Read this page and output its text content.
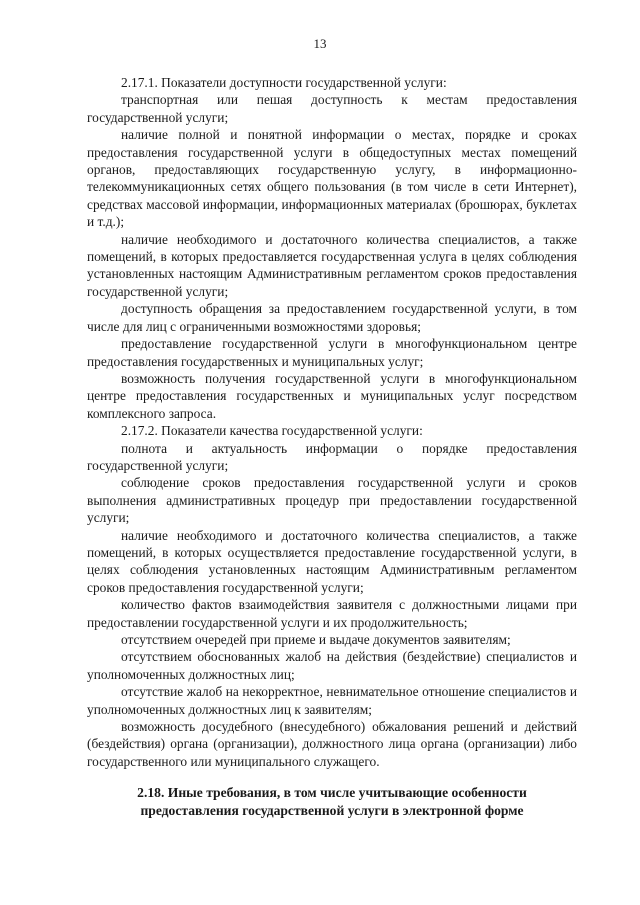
13

2.17.1. Показатели доступности государственной услуги:

транспортная или пешая доступность к местам предоставления государственной услуги;

наличие полной и понятной информации о местах, порядке и сроках предоставления государственной услуги в общедоступных местах помещений органов, предоставляющих государственную услугу, в информационно-телекоммуникационных сетях общего пользования (в том числе в сети Интернет), средствах массовой информации, информационных материалах (брошюрах, буклетах и т.д.);

наличие необходимого и достаточного количества специалистов, а также помещений, в которых предоставляется государственная услуга в целях соблюдения установленных настоящим Административным регламентом сроков предоставления государственной услуги;

доступность обращения за предоставлением государственной услуги, в том числе для лиц с ограниченными возможностями здоровья;

предоставление государственной услуги в многофункциональном центре предоставления государственных и муниципальных услуг;

возможность получения государственной услуги в многофункциональном центре предоставления государственных и муниципальных услуг посредством комплексного запроса.

2.17.2. Показатели качества государственной услуги:

полнота и актуальность информации о порядке предоставления государственной услуги;

соблюдение сроков предоставления государственной услуги и сроков выполнения административных процедур при предоставлении государственной услуги;

наличие необходимого и достаточного количества специалистов, а также помещений, в которых осуществляется предоставление государственной услуги, в целях соблюдения установленных настоящим Административным регламентом сроков предоставления государственной услуги;

количество фактов взаимодействия заявителя с должностными лицами при предоставлении государственной услуги и их продолжительность;

отсутствием очередей при приеме и выдаче документов заявителям;

отсутствием обоснованных жалоб на действия (бездействие) специалистов и уполномоченных должностных лиц;

отсутствие жалоб на некорректное, невнимательное отношение специалистов и уполномоченных должностных лиц к заявителям;

возможность досудебного (внесудебного) обжалования решений и действий (бездействия) органа (организации), должностного лица органа (организации) либо государственного или муниципального служащего.

2.18. Иные требования, в том числе учитывающие особенности
предоставления государственной услуги в электронной форме
